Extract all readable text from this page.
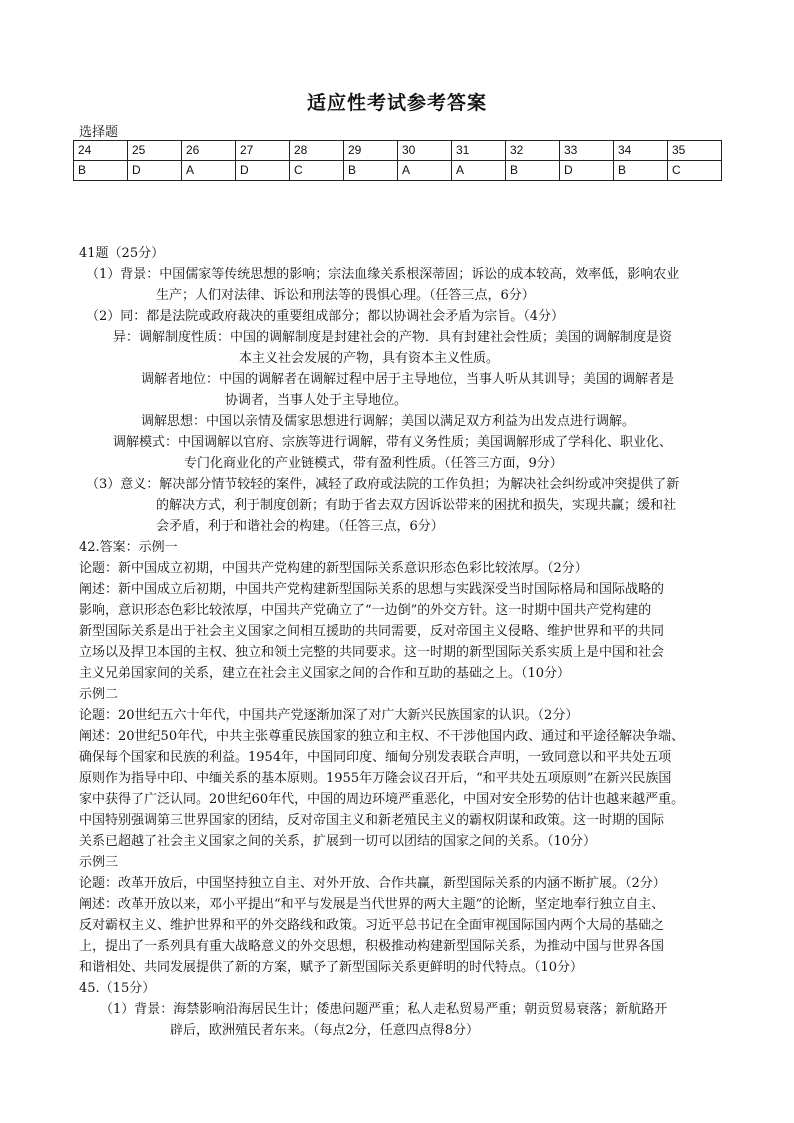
适应性考试参考答案
选择题
24	25	26	27	28	29	30	31	32	33	34	35
B	D	A	D	C	B	A	A	B	D	B	C
41题（25分）
（1）背景：中国儒家等传统思想的影响；宗法血缘关系根深蒂固；诉讼的成本较高，效率低，影响农业
生产；人们对法律、诉讼和刑法等的畏惧心理。（任答三点，6分）
（2）同：都是法院或政府裁决的重要组成部分；都以协调社会矛盾为宗旨。（4分）
异：调解制度性质：中国的调解制度是封建社会的产物．具有封建社会性质；美国的调解制度是资
本主义社会发展的产物，具有资本主义性质。
调解者地位：中国的调解者在调解过程中居于主导地位，当事人听从其训导；美国的调解者是
协调者，当事人处于主导地位。
调解思想：中国以亲情及儒家思想进行调解；美国以满足双方利益为出发点进行调解。
调解模式：中国调解以官府、宗族等进行调解，带有义务性质；美国调解形成了学科化、职业化、
专门化商业化的产业链模式，带有盈利性质。（任答三方面，9分）
（3）意义：解决部分情节较轻的案件，减轻了政府或法院的工作负担；为解决社会纠纷或冲突提供了新
的解决方式，利于制度创新；有助于省去双方因诉讼带来的困扰和损失，实现共赢；缓和社
会矛盾，利于和谐社会的构建。（任答三点，6分）
42.答案：示例一
论题：新中国成立初期，中国共产党构建的新型国际关系意识形态色彩比较浓厚。（2分）
阐述：新中国成立后初期，中国共产党构建新型国际关系的思想与实践深受当时国际格局和国际战略的
影响，意识形态色彩比较浓厚，中国共产党确立了“一边倒”的外交方针。这一时期中国共产党构建的
新型国际关系是出于社会主义国家之间相互援助的共同需要，反对帝国主义侵略、维护世界和平的共同
立场以及捍卫本国的主权、独立和领土完整的共同要求。这一时期的新型国际关系实质上是中国和社会
主义兄弟国家间的关系，建立在社会主义国家之间的合作和互助的基础之上。（10分）
示例二
论题：20世纪五六十年代，中国共产党逐渐加深了对广大新兴民族国家的认识。（2分）
阐述：20世纪50年代，中共主张尊重民族国家的独立和主权、不干涉他国内政、通过和平途径解决争端、
确保每个国家和民族的利益。1954年，中国同印度、缅甸分别发表联合声明，一致同意以和平共处五项
原则作为指导中印、中缅关系的基本原则。1955年万隆会议召开后，“和平共处五项原则”在新兴民族国
家中获得了广泛认同。20世纪60年代，中国的周边环境严重恶化，中国对安全形势的估计也越来越严重。
中国特别强调第三世界国家的团结，反对帝国主义和新老殖民主义的霸权阴谋和政策。这一时期的国际
关系已超越了社会主义国家之间的关系，扩展到一切可以团结的国家之间的关系。（10分）
示例三
论题：改革开放后，中国坚持独立自主、对外开放、合作共赢，新型国际关系的内涵不断扩展。（2分）
阐述：改革开放以来，邓小平提出“和平与发展是当代世界的两大主题”的论断，坚定地奉行独立自主、
反对霸权主义、维护世界和平的外交路线和政策。习近平总书记在全面审视国际国内两个大局的基础之
上，提出了一系列具有重大战略意义的外交思想，积极推动构建新型国际关系，为推动中国与世界各国
和谐相处、共同发展提供了新的方案，赋予了新型国际关系更鲜明的时代特点。（10分）
45.（15分）
（1）背景：海禁影响沿海居民生计；倭患问题严重；私人走私贸易严重；朝贡贸易衰落；新航路开
辟后，欧洲殖民者东来。（每点2分，任意四点得8分）
